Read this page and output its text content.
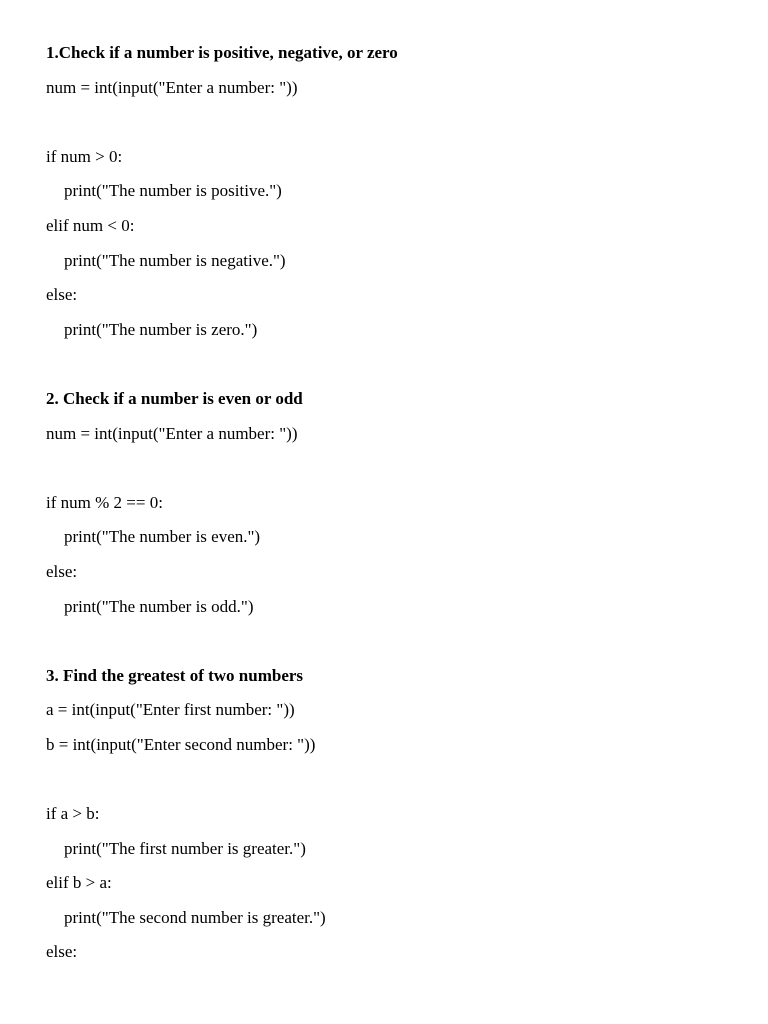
1.Check if a number is positive, negative, or zero
num = int(input("Enter a number: "))
if num > 0:
print("The number is positive.")
elif num < 0:
print("The number is negative.")
else:
print("The number is zero.")
2. Check if a number is even or odd
num = int(input("Enter a number: "))
if num % 2 == 0:
print("The number is even.")
else:
print("The number is odd.")
3. Find the greatest of two numbers
a = int(input("Enter first number: "))
b = int(input("Enter second number: "))
if a > b:
print("The first number is greater.")
elif b > a:
print("The second number is greater.")
else:
